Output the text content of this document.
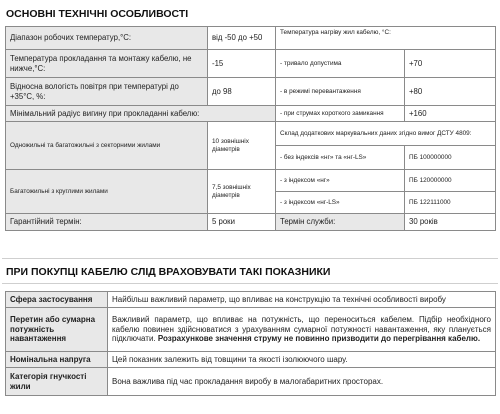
ОСНОВНІ ТЕХНІЧНІ ОСОБЛИВОСТІ
Діапазон робочих температур,°С:	від -50 до +50	Температура нагріву жил кабелю, °С:	
Температура прокладання та монтажу кабелю, не нижче,°С:	-15	- тривало допустима	+70
Відносна вологість повітря при температурі до +35°С, %:	до 98	- в режимі перевантаження	+80
Мінімальний радіус вигину при прокладанні кабелю:		- при струмах короткого замикання	+160
Одножильні та багатожильні з секторними жилами	10 зовнішніх діаметрів	Склад додаткових маркувальних даних згідно вимог ДСТУ 4809:	
		- без індексів «нг» та «нг-LS»	ПБ 100000000
Багатожильні з круглими жилами	7,5 зовнішніх діаметрів	- з індексом «нг»	ПБ 120000000
		- з індексом «нг-LS»	ПБ 122111000
Гарантійний термін:	5 роки	Термін служби:	30 років
ПРИ ПОКУПЦІ КАБЕЛЮ СЛІД ВРАХОВУВАТИ ТАКІ ПОКАЗНИКИ
Сфера застосування	Найбільш важливий параметр, що впливає на конструкцію та технічні особливості виробу
Перетин або сумарна потужність навантаження	Важливий параметр, що впливає на потужність, що переноситься кабелем. Підбір необхідного кабелю повинен здійснюватися з урахуванням сумарної потужності навантаження, яку планується підключати. Розрахункове значення струму не повинно призводити до перегрівання кабелю.
Номінальна напруга	Цей показник залежить від товщини та якості ізолюючого шару.
Категорія гнучкості жили	Вона важлива під час прокладання виробу в малогабаритних просторах.
